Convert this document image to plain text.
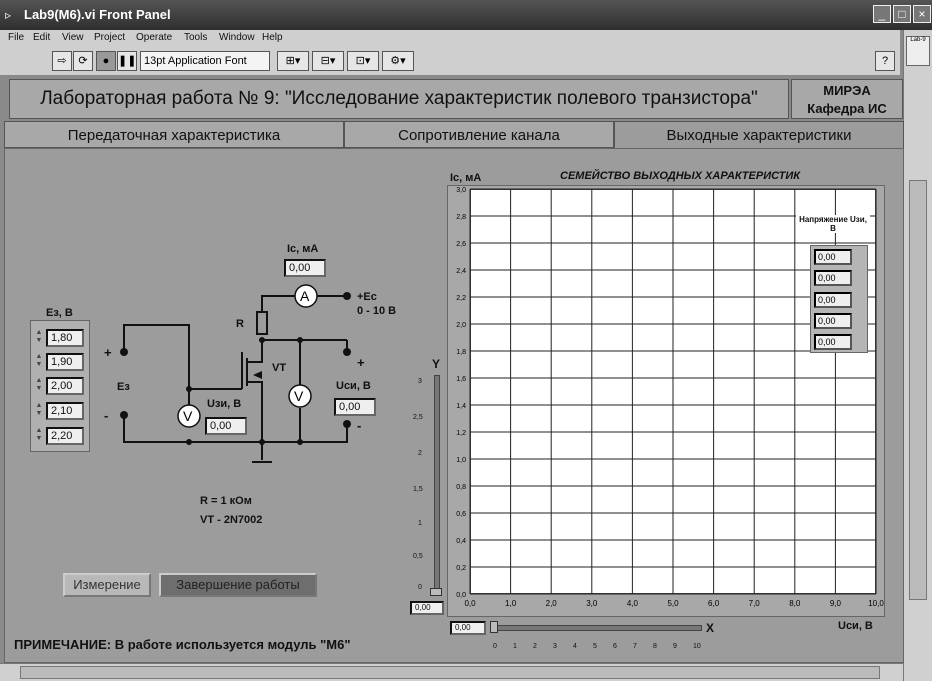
▹ Lab9(M6).vi Front Panel	_	□	×
File Edit View Project Operate Tools Window Help
⇨	⟳	● ❚❚ 13pt Application Font	⊞▾	⊟▾	⊡▾	⚙▾	?
Lab-9
Лабораторная работа № 9: "Исследование характеристик полевого транзистора"	МИРЭА
Кафедра ИС
Передаточная характеристика	Сопротивление канала	Выходные характеристики
A
V
V
Ic, мА
0,00
+Ec
0 - 10 В
R
VT
+
-
Ез
+
-
Uзи, В
0,00
Uси, В
0,00
Ез, В
▲
▼ 1,80
▲
▼ 1,90
▲
▼ 2,00
▲
▼ 2,10
▲
▼ 2,20
R = 1 кОм
VT - 2N7002
Измерение	Завершение работы
ПРИМЕЧАНИЕ: В работе используется модуль "М6"
Ic, мА	СЕМЕЙСТВО ВЫХОДНЫХ ХАРАКТЕРИСТИК
0,0	1,0	2,0	3,0	4,0	5,0	6,0	7,0	8,0	9,0	10,0
0,0
0,2
0,4
0,6
0,8
1,0
1,2
1,4
1,6
1,8
2,0
2,2
2,4
2,6
2,8
3,0
Uси, В
Напряжение Uзи, В
0,00
0,00
0,00
0,00
0,00
Y
3
2,5
2
1,5
1
0,5
0
0,00
0,00	X
0 1 2 3 4 5 6 7 8 9 10
